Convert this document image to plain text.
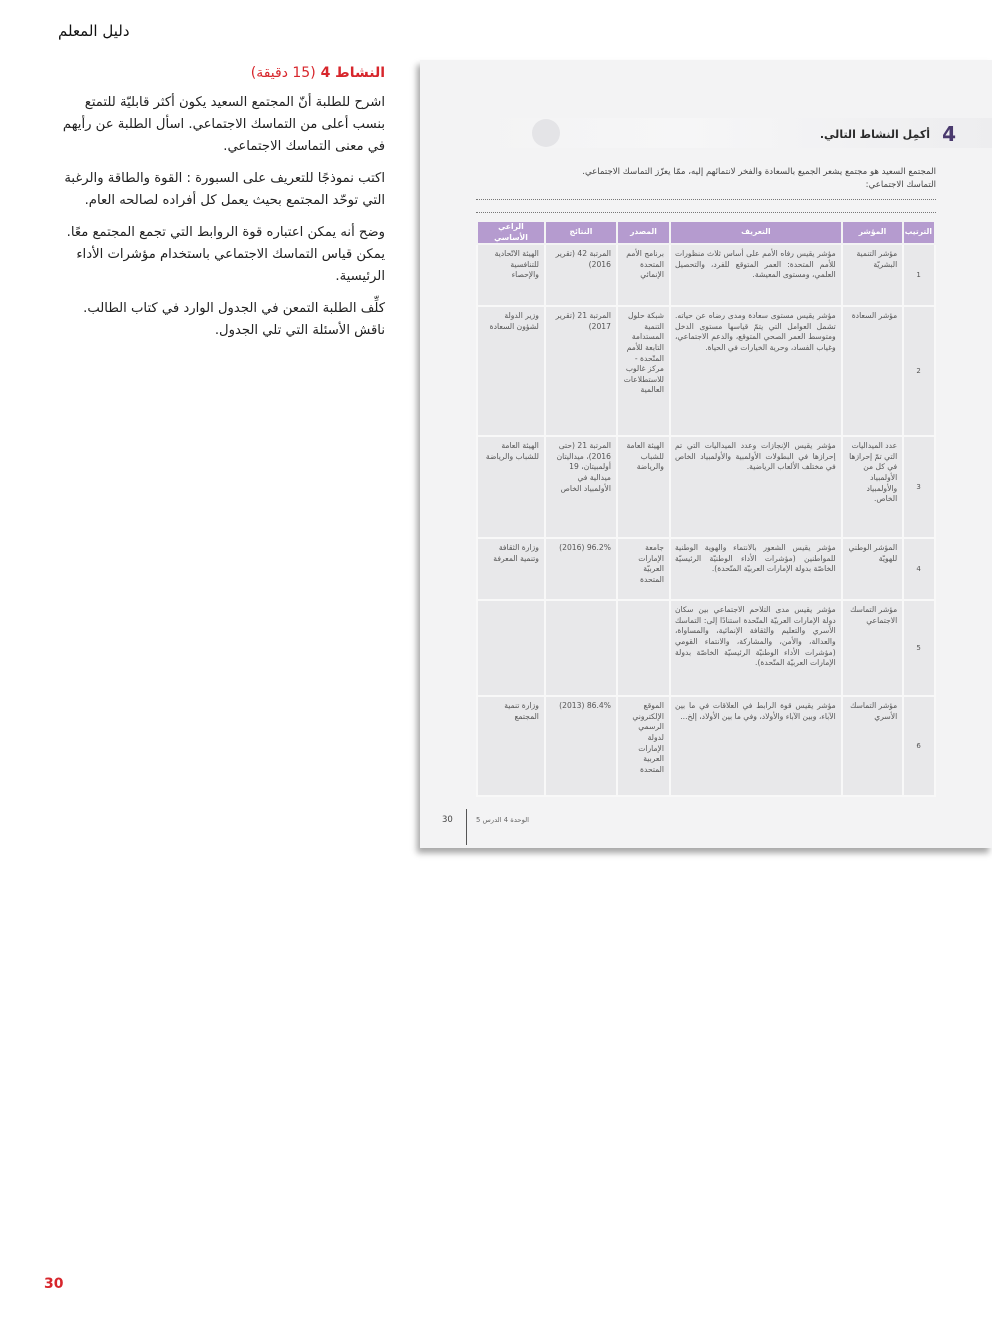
دليل المعلم
النشاط 4 (15 دقيقة)

اشرح للطلبة أنّ المجتمع السعيد يكون أكثر قابليّة للتمتع بنسب أعلى من التماسك الاجتماعي. اسأل الطلبة عن رأيهم في معنى التماسك الاجتماعي.

اكتب نموذجًا للتعريف على السبورة : القوة والطاقة والرغبة التي توحّد المجتمع بحيث يعمل كل أفراده لصالحه العام.

وضح أنه يمكن اعتباره قوة الروابط التي تجمع المجتمع معًا. يمكن قياس التماسك الاجتماعي باستخدام مؤشرات الأداء الرئيسية.

كلِّف الطلبة التمعن في الجدول الوارد في كتاب الطالب. ناقش الأسئلة التي تلي الجدول.

4
أكمِل النشاط التالي.
المجتمع السعيد هو مجتمع يشعر الجميع بالسعادة والفخر لانتمائهم إليه، ممّا يعزّز التماسك الاجتماعي. التماسك الاجتماعي:
الترتيب	المؤشر	التعريف	المصدر	النتائج	الراعي الأساسي
1	مؤشر التنمية البشريّة	مؤشر يقيس رفاه الأمم على أساس ثلاث منظورات للأمم المتحدة: العمر المتوقع للفرد، والتحصيل العلمي، ومستوى المعيشة.	برنامج الأمم المتحدة الإنمائي	المرتبة 42 (تقرير 2016)	الهيئة الاتّحادية للتنافسية والإحصاء
2	مؤشر السعادة	مؤشر يقيس مستوى سعادة ومدى رضاه عن حياته. تشمل العوامل التي يتمّ قياسها مستوى الدخل ومتوسط العمر الصحي المتوقع، والدعم الاجتماعي، وغياب الفساد، وحرية الخيارات في الحياة.	شبكة حلول التنمية المستدامة التابعة للأمم المتّحدة - مركز غالوب للاستطلاعات العالمية	المرتبة 21 (تقرير 2017)	وزير الدولة لشؤون السعادة
3	عدد الميداليات التي تمّ إحرازها في كل من الأولمبياد والأولمبياد الخاص.	مؤشر يقيس الإنجازات وعدد الميداليات التي تم إحرازها في البطولات الأولمبية والأولمبياد الخاص في مختلف الألعاب الرياضية.	الهيئة العامة للشباب والرياضة	المرتبة 21 (حتى 2016)، ميداليتان أولمبيتان، 19 ميدالية في الأولمبياد الخاص	الهيئة العامة للشباب والرياضة
4	المؤشر الوطني للهويّة	مؤشر يقيس الشعور بالانتماء والهوية الوطنية للمواطنين (مؤشرات الأداء الوطنيّة الرئيسيّة الخاصّة بدولة الإمارات العربيّة المتّحدة).	جامعة الإمارات العربيّة المتحدة	96.2% (2016)	وزارة الثقافة وتنمية المعرفة
5	مؤشر التماسك الاجتماعي	مؤشر يقيس مدى التلاحم الاجتماعي بين سكان دولة الإمارات العربيّة المتّحدة استنادًا إلى: التماسك الأسري والتعليم والثقافة الإنمائية، والمساواة، والعدالة، والأمن، والمشاركة، والانتماء القومي (مؤشرات الأداء الوطنيّة الرئيسيّة الخاصّة بدولة الإمارات العربيّة المتّحدة).			
6	مؤشر التماسك الأسري	مؤشر يقيس قوة الرابط في العلاقات في ما بين الآباء، وبين الآباء والأولاد، وفي ما بين الأولاد، إلخ...	الموقع الإلكتروني الرسمي لدولة الإمارات العربية المتحدة	86.4% (2013)	وزارة تنمية المجتمع
30	الوحدة 4 الدرس 5
30
